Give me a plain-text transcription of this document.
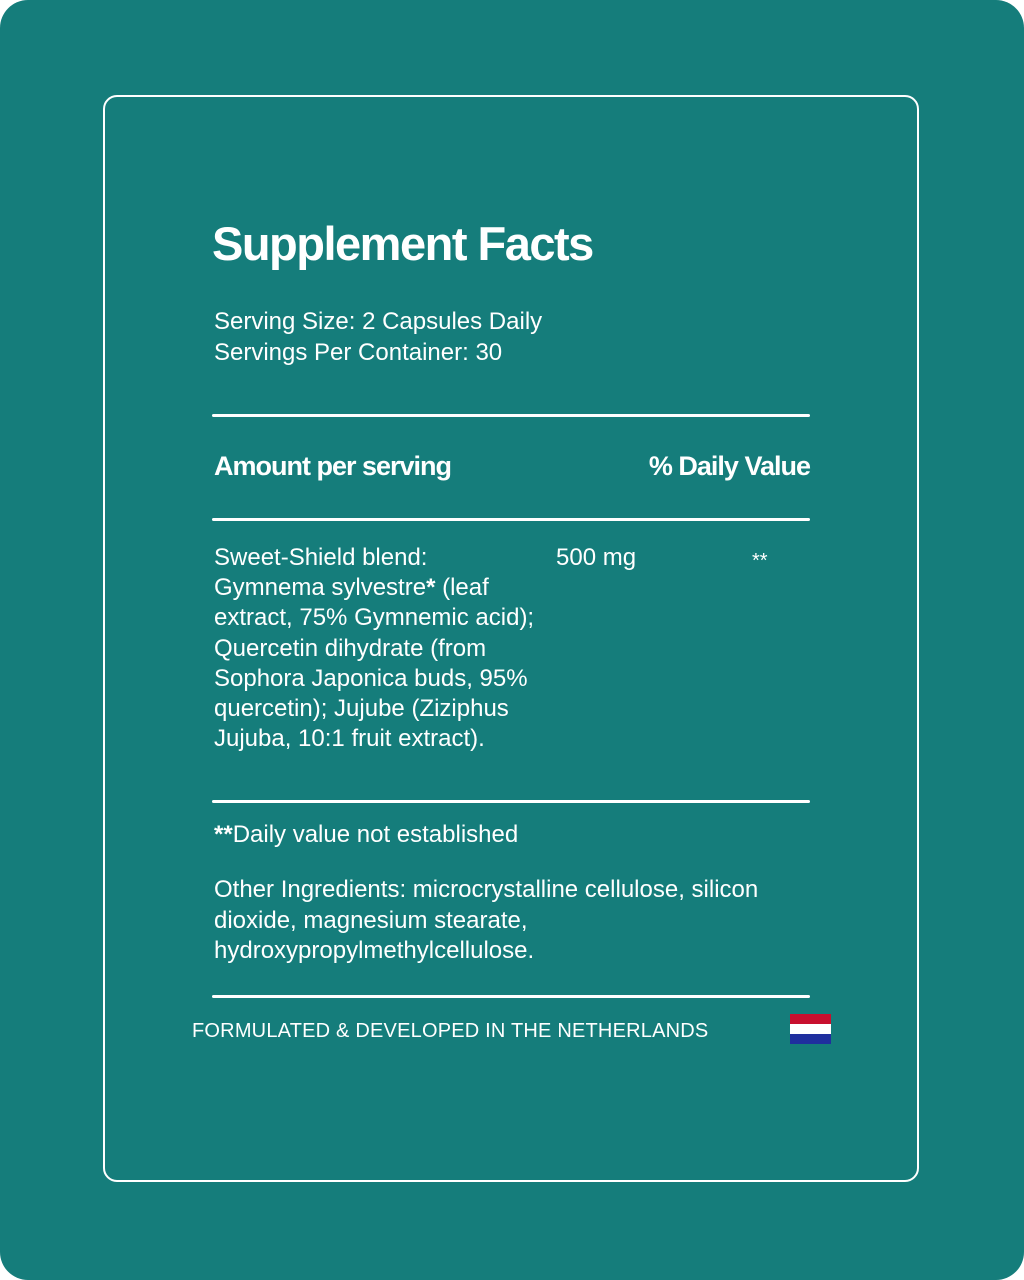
Supplement Facts
Serving Size: 2 Capsules Daily
Servings Per Container: 30
Amount per serving	% Daily Value
Sweet-Shield blend: Gymnema sylvestre* (leaf extract, 75% Gymnemic acid); Quercetin dihydrate (from Sophora Japonica buds, 95% quercetin); Jujube (Ziziphus Jujuba, 10:1 fruit extract).
500 mg	**
**Daily value not established
Other Ingredients: microcrystalline cellulose, silicon dioxide, magnesium stearate, hydroxypropylmethylcellulose.
FORMULATED & DEVELOPED IN THE NETHERLANDS
